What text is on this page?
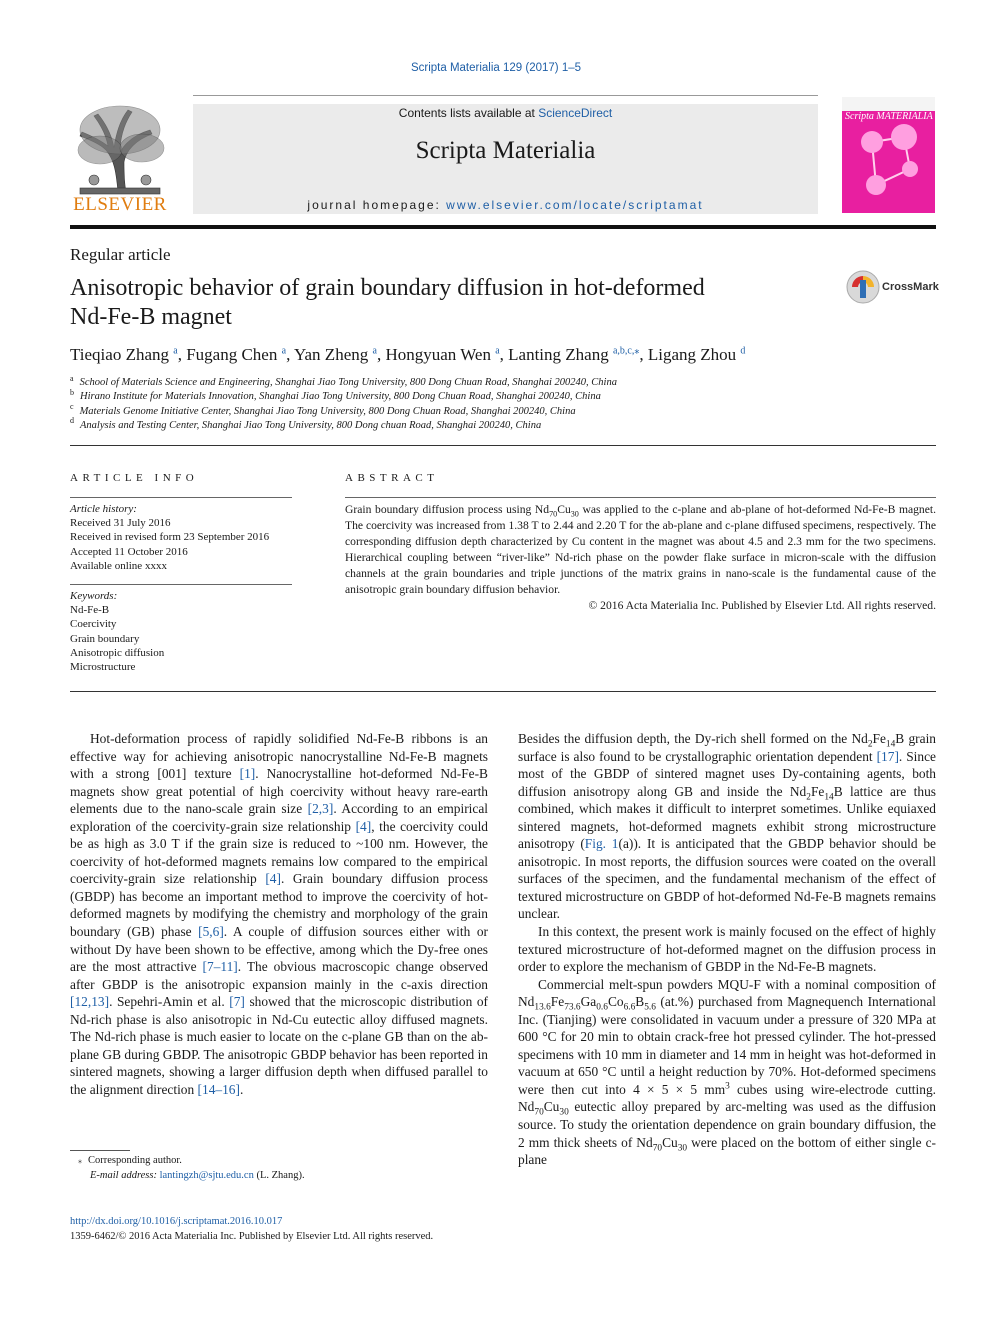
Scripta Materialia 129 (2017) 1–5
ELSEVIER
Contents lists available at ScienceDirect
Scripta Materialia
journal homepage: www.elsevier.com/locate/scriptamat
Scripta MATERIALIA
Regular article
Anisotropic behavior of grain boundary diffusion in hot-deformed
Nd-Fe-B magnet
CrossMark
Tieqiao Zhang $^a$, Fugang Chen $^a$, Yan Zheng $^a$, Hongyuan Wen $^a$, Lanting Zhang $^{a,b,c,⁎}$, Ligang Zhou $^d$
$^a$ School of Materials Science and Engineering, Shanghai Jiao Tong University, 800 Dong Chuan Road, Shanghai 200240, China
$^b$ Hirano Institute for Materials Innovation, Shanghai Jiao Tong University, 800 Dong Chuan Road, Shanghai 200240, China
$^c$ Materials Genome Initiative Center, Shanghai Jiao Tong University, 800 Dong Chuan Road, Shanghai 200240, China
$^d$ Analysis and Testing Center, Shanghai Jiao Tong University, 800 Dong chuan Road, Shanghai 200240, China
ARTICLE INFO
Article history:
Received 31 July 2016
Received in revised form 23 September 2016
Accepted 11 October 2016
Available online xxxx
Keywords:
Nd-Fe-B
Coercivity
Grain boundary
Anisotropic diffusion
Microstructure
ABSTRACT
Grain boundary diffusion process using $Nd_{70}Cu_{30}$ was applied to the c-plane and ab-plane of hot-deformed Nd-Fe-B magnet. The coercivity was increased from 1.38 T to 2.44 and 2.20 T for the ab-plane and c-plane diffused specimens, respectively. The corresponding diffusion depth characterized by Cu content in the magnet was about 4.5 and 2.3 mm for the two specimens. Hierarchical coupling between “river-like” Nd-rich phase on the powder flake surface in micron-scale with the diffusion channels at the grain boundaries and triple junctions of the matrix grains in nano-scale is the fundamental cause of the anisotropic grain boundary diffusion behavior.
© 2016 Acta Materialia Inc. Published by Elsevier Ltd. All rights reserved.

Hot-deformation process of rapidly solidified Nd-Fe-B ribbons is an effective way for achieving anisotropic nanocrystalline Nd-Fe-B magnets with a strong [001] texture [1]. Nanocrystalline hot-deformed Nd-Fe-B magnets show great potential of high coercivity without heavy rare-earth elements due to the nano-scale grain size [2,3]. According to an empirical exploration of the coercivity-grain size relationship [4], the coercivity could be as high as 3.0 T if the grain size is reduced to ~100 nm. However, the coercivity of hot-deformed magnets remains low compared to the empirical coercivity-grain size relationship [4]. Grain boundary diffusion process (GBDP) has become an important method to improve the coercivity of hot-deformed magnets by modifying the chemistry and morphology of the grain boundary (GB) phase [5,6]. A couple of diffusion sources either with or without Dy have been shown to be effective, among which the Dy-free ones are the most attractive [7–11]. The obvious macroscopic change observed after GBDP is the anisotropic expansion mainly in the c-axis direction [12,13]. Sepehri-Amin et al. [7] showed that the microscopic distribution of Nd-rich phase is also anisotropic in Nd-Cu eutectic alloy diffused magnets. The Nd-rich phase is much easier to locate on the c-plane GB than on the ab-plane GB during GBDP. The anisotropic GBDP behavior has been reported in sintered magnets, showing a larger diffusion depth when diffused parallel to the alignment direction [14–16].

Besides the diffusion depth, the Dy-rich shell formed on the $Nd_2Fe_{14}B$ grain surface is also found to be crystallographic orientation dependent [17]. Since most of the GBDP of sintered magnet uses Dy-containing agents, both diffusion anisotropy along GB and inside the $Nd_2Fe_{14}B$ lattice are thus combined, which makes it difficult to interpret sometimes. Unlike equiaxed sintered magnets, hot-deformed magnets exhibit strong microstructure anisotropy (Fig. 1(a)). It is anticipated that the GBDP behavior should be anisotropic. In most reports, the diffusion sources were coated on the overall surfaces of the specimen, and the fundamental mechanism of the effect of textured microstructure on GBDP of hot-deformed Nd-Fe-B magnets remains unclear.

In this context, the present work is mainly focused on the effect of highly textured microstructure of hot-deformed magnet on the diffusion process in order to explore the mechanism of GBDP in the Nd-Fe-B magnets.

Commercial melt-spun powders MQU-F with a nominal composition of $Nd_{13.6}Fe_{73.6}Ga_{0.6}Co_{6.6}B_{5.6}$ (at.%) purchased from Magnequench International Inc. (Tianjing) were consolidated in vacuum under a pressure of 320 MPa at 600 °C for 20 min to obtain crack-free hot pressed cylinder. The hot-pressed specimens with 10 mm in diameter and 14 mm in height was hot-deformed in vacuum at 650 °C until a height reduction by 70%. Hot-deformed specimens were then cut into 4 × 5 × 5 $mm^3$ cubes using wire-electrode cutting. $Nd_{70}Cu_{30}$ eutectic alloy prepared by arc-melting was used as the diffusion source. To study the orientation dependence on grain boundary diffusion, the 2 mm thick sheets of $Nd_{70}Cu_{30}$ were placed on the bottom of either single c-plane

⁎ Corresponding author.
E-mail address: lantingzh@sjtu.edu.cn (L. Zhang).
http://dx.doi.org/10.1016/j.scriptamat.2016.10.017
1359-6462/© 2016 Acta Materialia Inc. Published by Elsevier Ltd. All rights reserved.
